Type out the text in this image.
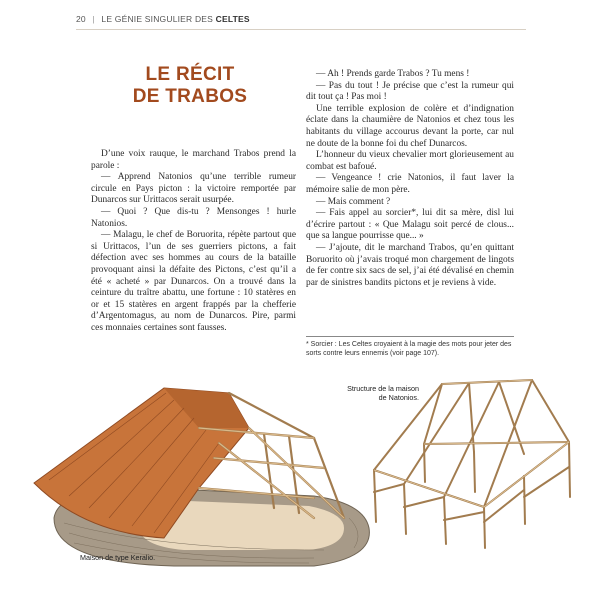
20 | LE GÉNIE SINGULIER DES CELTES
LE RÉCIT
DE TRABOS

D’une voix rauque, le marchand Trabos prend la parole :

— Apprend Natonios qu’une terrible rumeur circule en Pays picton : la victoire remportée par Dunarcos sur Urittacos serait usurpée.

— Quoi ? Que dis-tu ? Mensonges ! hurle Natonios.

— Malagu, le chef de Boruorita, répète partout que si Urittacos, l’un de ses guerriers pictons, a fait défection avec ses hommes au cours de la bataille provoquant ainsi la défaite des Pictons, c’est qu’il a été « acheté » par Dunarcos. On a trouvé dans la ceinture du traître abattu, une fortune : 10 statères en or et 15 statères en argent frappés par la chefferie d’Argentomagus, au nom de Dunarcos. Pire, parmi ces monnaies certaines sont fausses.

— Ah ! Prends garde Trabos ? Tu mens !

— Pas du tout ! Je précise que c’est la rumeur qui dit tout ça ! Pas moi !

Une terrible explosion de colère et d’indignation éclate dans la chaumière de Natonios et chez tous les habitants du village accourus devant la porte, car nul ne doute de la bonne foi du chef Dunarcos.

L’honneur du vieux chevalier mort glorieusement au combat est bafoué.

— Vengeance ! crie Natonios, il faut laver la mémoire salie de mon père.

— Mais comment ?

— Fais appel au sorcier*, lui dit sa mère, disl lui d’écrire partout : « Que Malagu soit percé de clous... que sa langue pourrisse que... »

— J’ajoute, dit le marchand Trabos, qu’en quittant Boruorito où j’avais troqué mon chargement de lingots de fer contre six sacs de sel, j’ai été dévalisé en chemin par de sinistres bandits pictons et je reviens à vide.

* Sorcier : Les Celtes croyaient à la magie des mots pour jeter des sorts contre leurs ennemis (voir page 107).
Structure de la maison de Natonios.
Maison de type Keralio.
